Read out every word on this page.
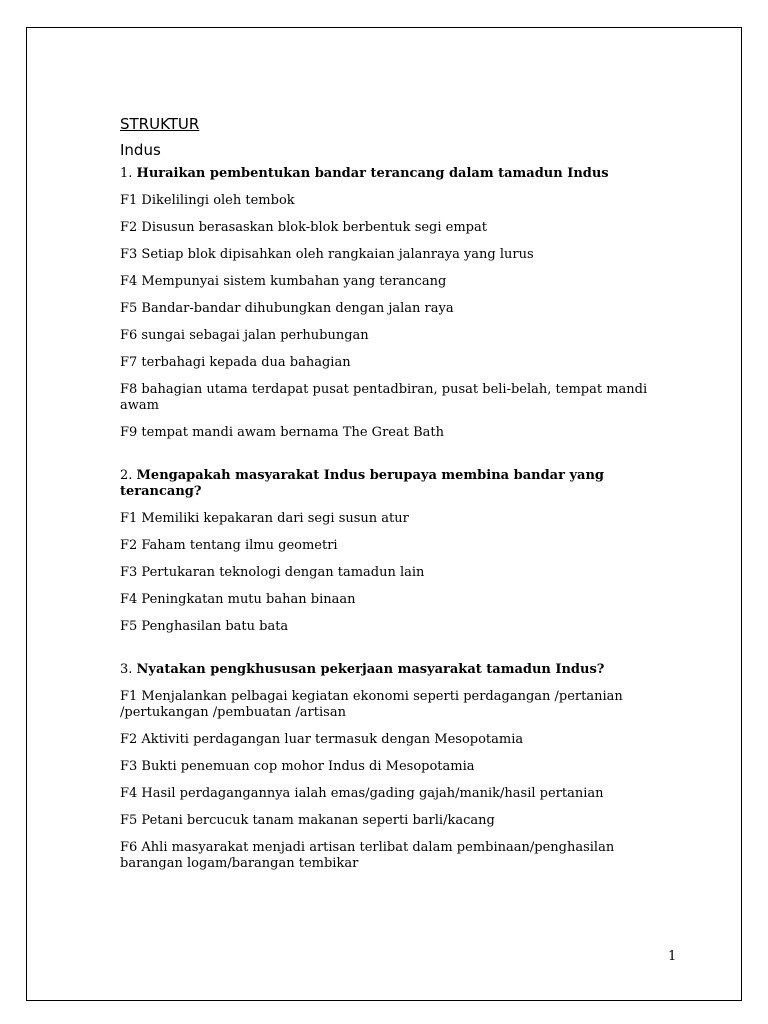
STRUKTUR
Indus
1. Huraikan pembentukan bandar terancang dalam tamadun Indus
F1 Dikelilingi oleh tembok
F2 Disusun berasaskan blok-blok berbentuk segi empat
F3 Setiap blok dipisahkan oleh rangkaian jalanraya yang lurus
F4 Mempunyai sistem kumbahan yang terancang
F5 Bandar-bandar dihubungkan dengan jalan raya
F6 sungai sebagai jalan perhubungan
F7 terbahagi kepada dua bahagian
F8 bahagian utama terdapat pusat pentadbiran, pusat beli-belah, tempat mandi awam
F9 tempat mandi awam bernama The Great Bath
2. Mengapakah masyarakat Indus berupaya membina bandar yang terancang?
F1 Memiliki kepakaran dari segi susun atur
F2 Faham tentang ilmu geometri
F3 Pertukaran teknologi dengan tamadun lain
F4 Peningkatan mutu bahan binaan
F5 Penghasilan batu bata
3. Nyatakan pengkhususan pekerjaan masyarakat tamadun Indus?
F1 Menjalankan pelbagai kegiatan ekonomi seperti perdagangan /pertanian /pertukangan /pembuatan /artisan
F2 Aktiviti perdagangan luar termasuk dengan Mesopotamia
F3 Bukti penemuan cop mohor Indus di Mesopotamia
F4 Hasil perdagangannya ialah emas/gading gajah/manik/hasil pertanian
F5 Petani bercucuk tanam makanan seperti barli/kacang
F6 Ahli masyarakat menjadi artisan terlibat dalam pembinaan/penghasilan barangan logam/barangan tembikar
1
